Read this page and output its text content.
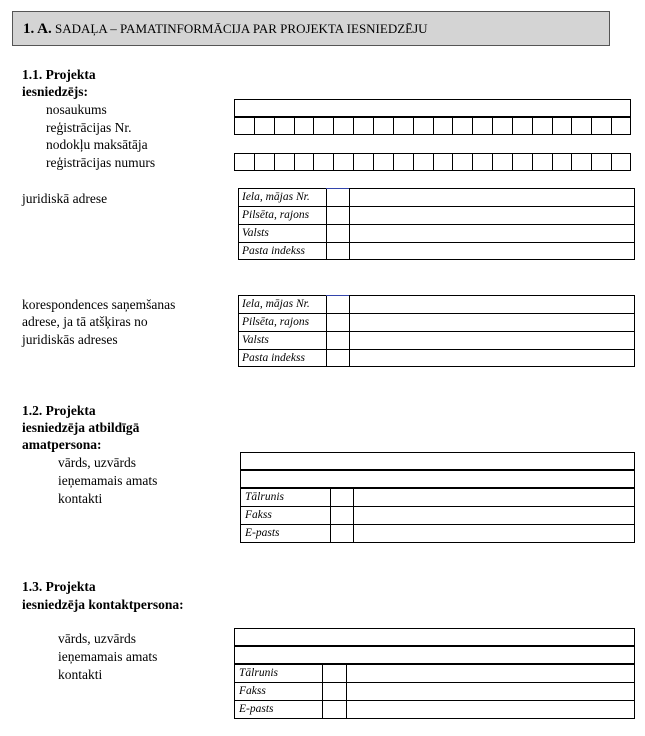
1. A. SADAĻA – PAMATINFORMĀCIJA PAR PROJEKTA IESNIEDZĒJU
1.1. Projekta
iesniedzējs:
nosaukums
reģistrācijas Nr.
nodokļu maksātāja
reģistrācijas numurs
juridiskā adrese
korespondences saņemšanas
adrese, ja tā atšķiras no
juridiskās adreses
1.2. Projekta
iesniedzēja atbildīgā
amatpersona:
vārds, uzvārds
ieņemamais amats
kontakti
1.3. Projekta
iesniedzēja kontaktpersona:
vārds, uzvārds
ieņemamais amats
kontakti
Iela, mājas Nr.
Pilsēta, rajons
Valsts
Pasta indekss
Iela, mājas Nr.
Pilsēta, rajons
Valsts
Pasta indekss
Tālrunis
Fakss
E-pasts
Tālrunis
Fakss
E-pasts
